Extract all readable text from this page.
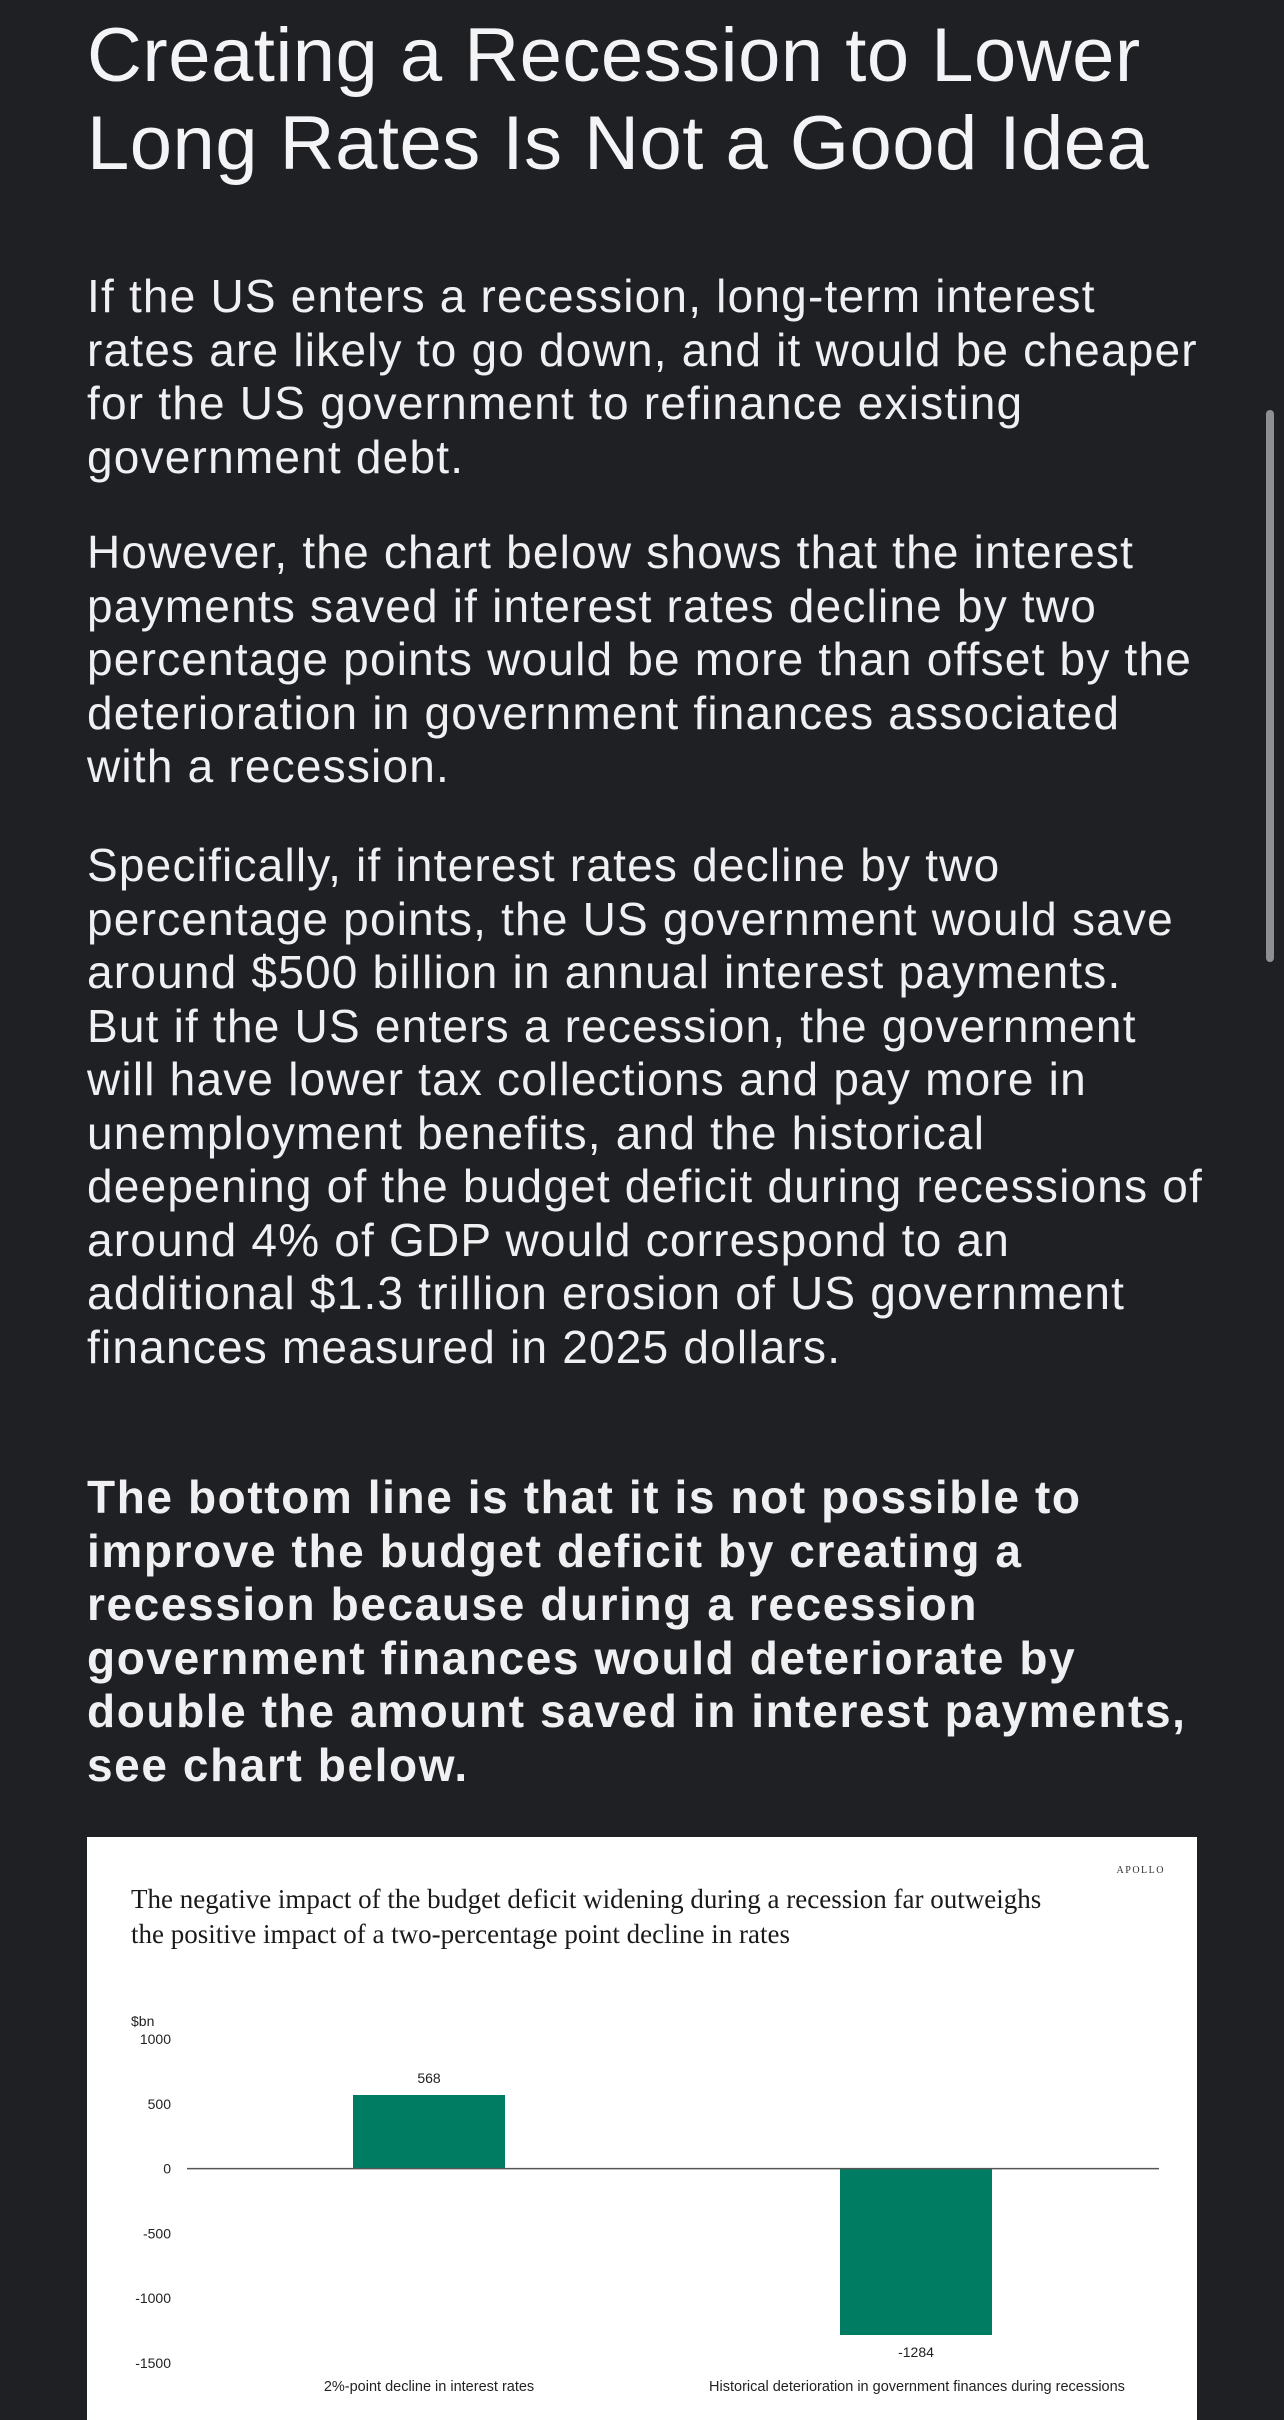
Creating a Recession to Lower Long Rates Is Not a Good Idea

If the US enters a recession, long-term interest rates are likely to go down, and it would be cheaper for the US government to refinance existing government debt.

However, the chart below shows that the interest payments saved if interest rates decline by two percentage points would be more than offset by the deterioration in government finances associated with a recession.

Specifically, if interest rates decline by two percentage points, the US government would save around $500 billion in annual interest payments. But if the US enters a recession, the government will have lower tax collections and pay more in unemployment benefits, and the historical deepening of the budget deficit during recessions of around 4% of GDP would correspond to an additional $1.3 trillion erosion of US government finances measured in 2025 dollars.

The bottom line is that it is not possible to improve the budget deficit by creating a recession because during a recession government finances would deteriorate by double the amount saved in interest payments, see chart below.

APOLLO
The negative impact of the budget deficit widening during a recession far outweighs
the positive impact of a two-percentage point decline in rates
$bn
1000
500
0
-500
-1000
-1500
568
-1284
2%-point decline in interest rates	Historical deterioration in government finances during recessions
